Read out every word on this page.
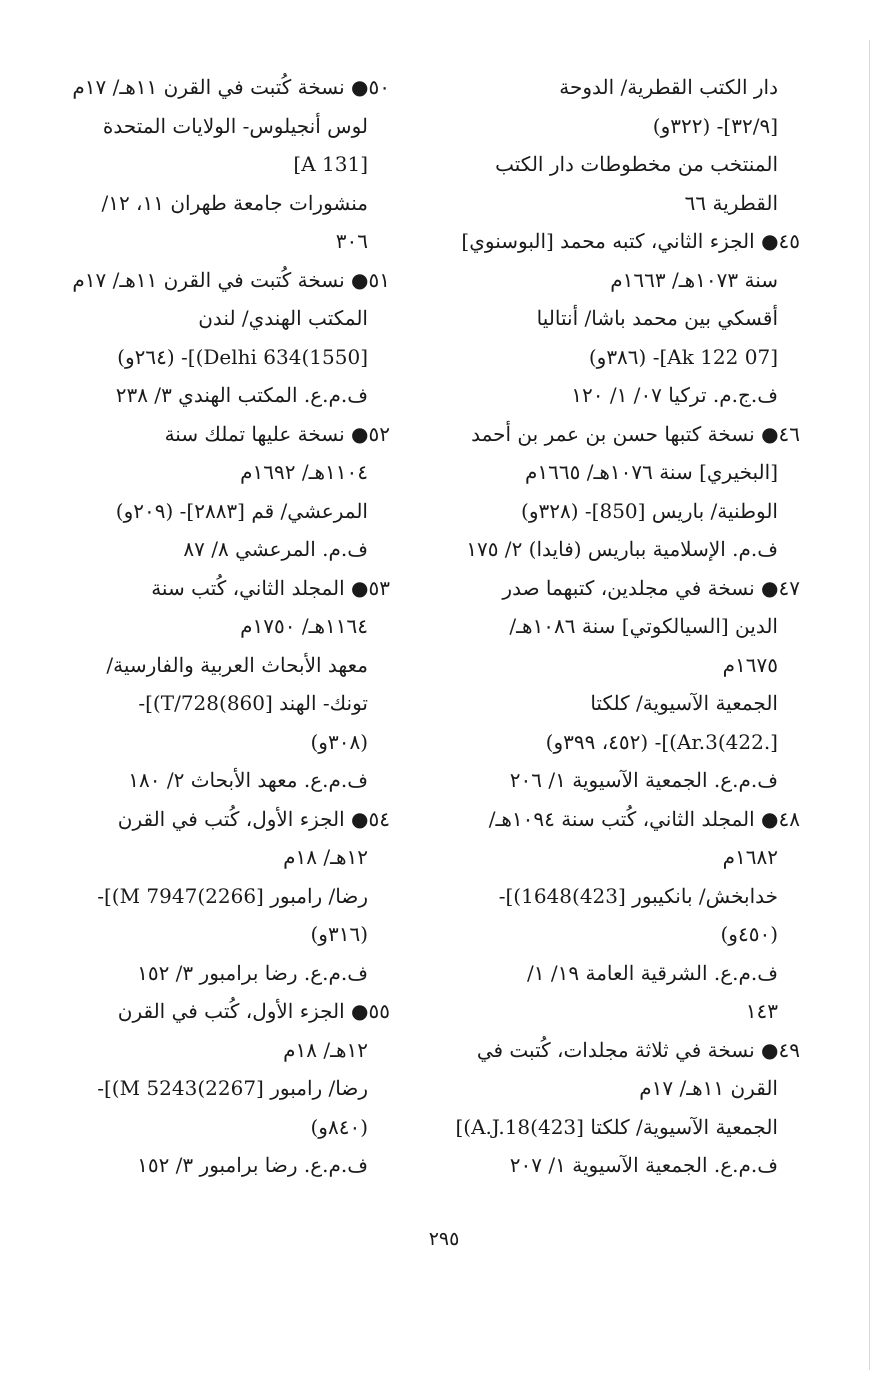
دار الكتب القطرية/ الدوحة
[٣٢/٩]- (٣٢٢و)
المنتخب من مخطوطات دار الكتب
القطرية ٦٦
٤٥● الجزء الثاني، كتبه محمد [البوسنوي]
سنة ١٠٧٣هـ/ ١٦٦٣م
أقسكي بين محمد باشا/ أنتاليا
[07 Ak 122]- (٣٨٦و)
ف.ج.م. تركيا ٠٧/ ١/ ١٢٠
٤٦● نسخة كتبها حسن بن عمر بن أحمد
[البخيري] سنة ١٠٧٦هـ/ ١٦٦٥م
الوطنية/ باريس [850]- (٣٢٨و)
ف.م. الإسلامية بباريس (فايدا) ٢/ ١٧٥
٤٧● نسخة في مجلدين، كتبهما صدر
الدين [السيالكوتي] سنة ١٠٨٦هـ/
١٦٧٥م
الجمعية الآسيوية/ كلكتا
[.422)Ar.3)]- (٤٥٢، ٣٩٩و)
ف.م.ع. الجمعية الآسيوية ١/ ٢٠٦
٤٨● المجلد الثاني، كُتب سنة ١٠٩٤هـ/
١٦٨٢م
خدابخش/ بانكيبور [423)1648)]-
(٤٥٠و)
ف.م.ع. الشرقية العامة ١٩/ ١/
١٤٣
٤٩● نسخة في ثلاثة مجلدات، كُتبت في
القرن ١١هـ/ ١٧م
الجمعية الآسيوية/ كلكتا [423)A.J.18)]
ف.م.ع. الجمعية الآسيوية ١/ ٢٠٧
٥٠● نسخة كُتبت في القرن ١١هـ/ ١٧م
لوس أنجيلوس- الولايات المتحدة
[A 131]
منشورات جامعة طهران ١١، ١٢/
٣٠٦
٥١● نسخة كُتبت في القرن ١١هـ/ ١٧م
المكتب الهندي/ لندن
[1550)Delhi 634)]- (٢٦٤و)
ف.م.ع. المكتب الهندي ٣/ ٢٣٨
٥٢● نسخة عليها تملك سنة
١١٠٤هـ/ ١٦٩٢م
المرعشي/ قم [٢٨٨٣]- (٢٠٩و)
ف.م. المرعشي ٨/ ٨٧
٥٣● المجلد الثاني، كُتب سنة
١١٦٤هـ/ ١٧٥٠م
معهد الأبحاث العربية والفارسية/
تونك- الهند [860)T/728)]-
(٣٠٨و)
ف.م.ع. معهد الأبحاث ٢/ ١٨٠
٥٤● الجزء الأول، كُتب في القرن
١٢هـ/ ١٨م
رضا/ رامبور [2266)7947 M)]-
(٣١٦و)
ف.م.ع. رضا برامبور ٣/ ١٥٢
٥٥● الجزء الأول، كُتب في القرن
١٢هـ/ ١٨م
رضا/ رامبور [2267)5243 M)]-
(٨٤٠و)
ف.م.ع. رضا برامبور ٣/ ١٥٢
٢٩٥
